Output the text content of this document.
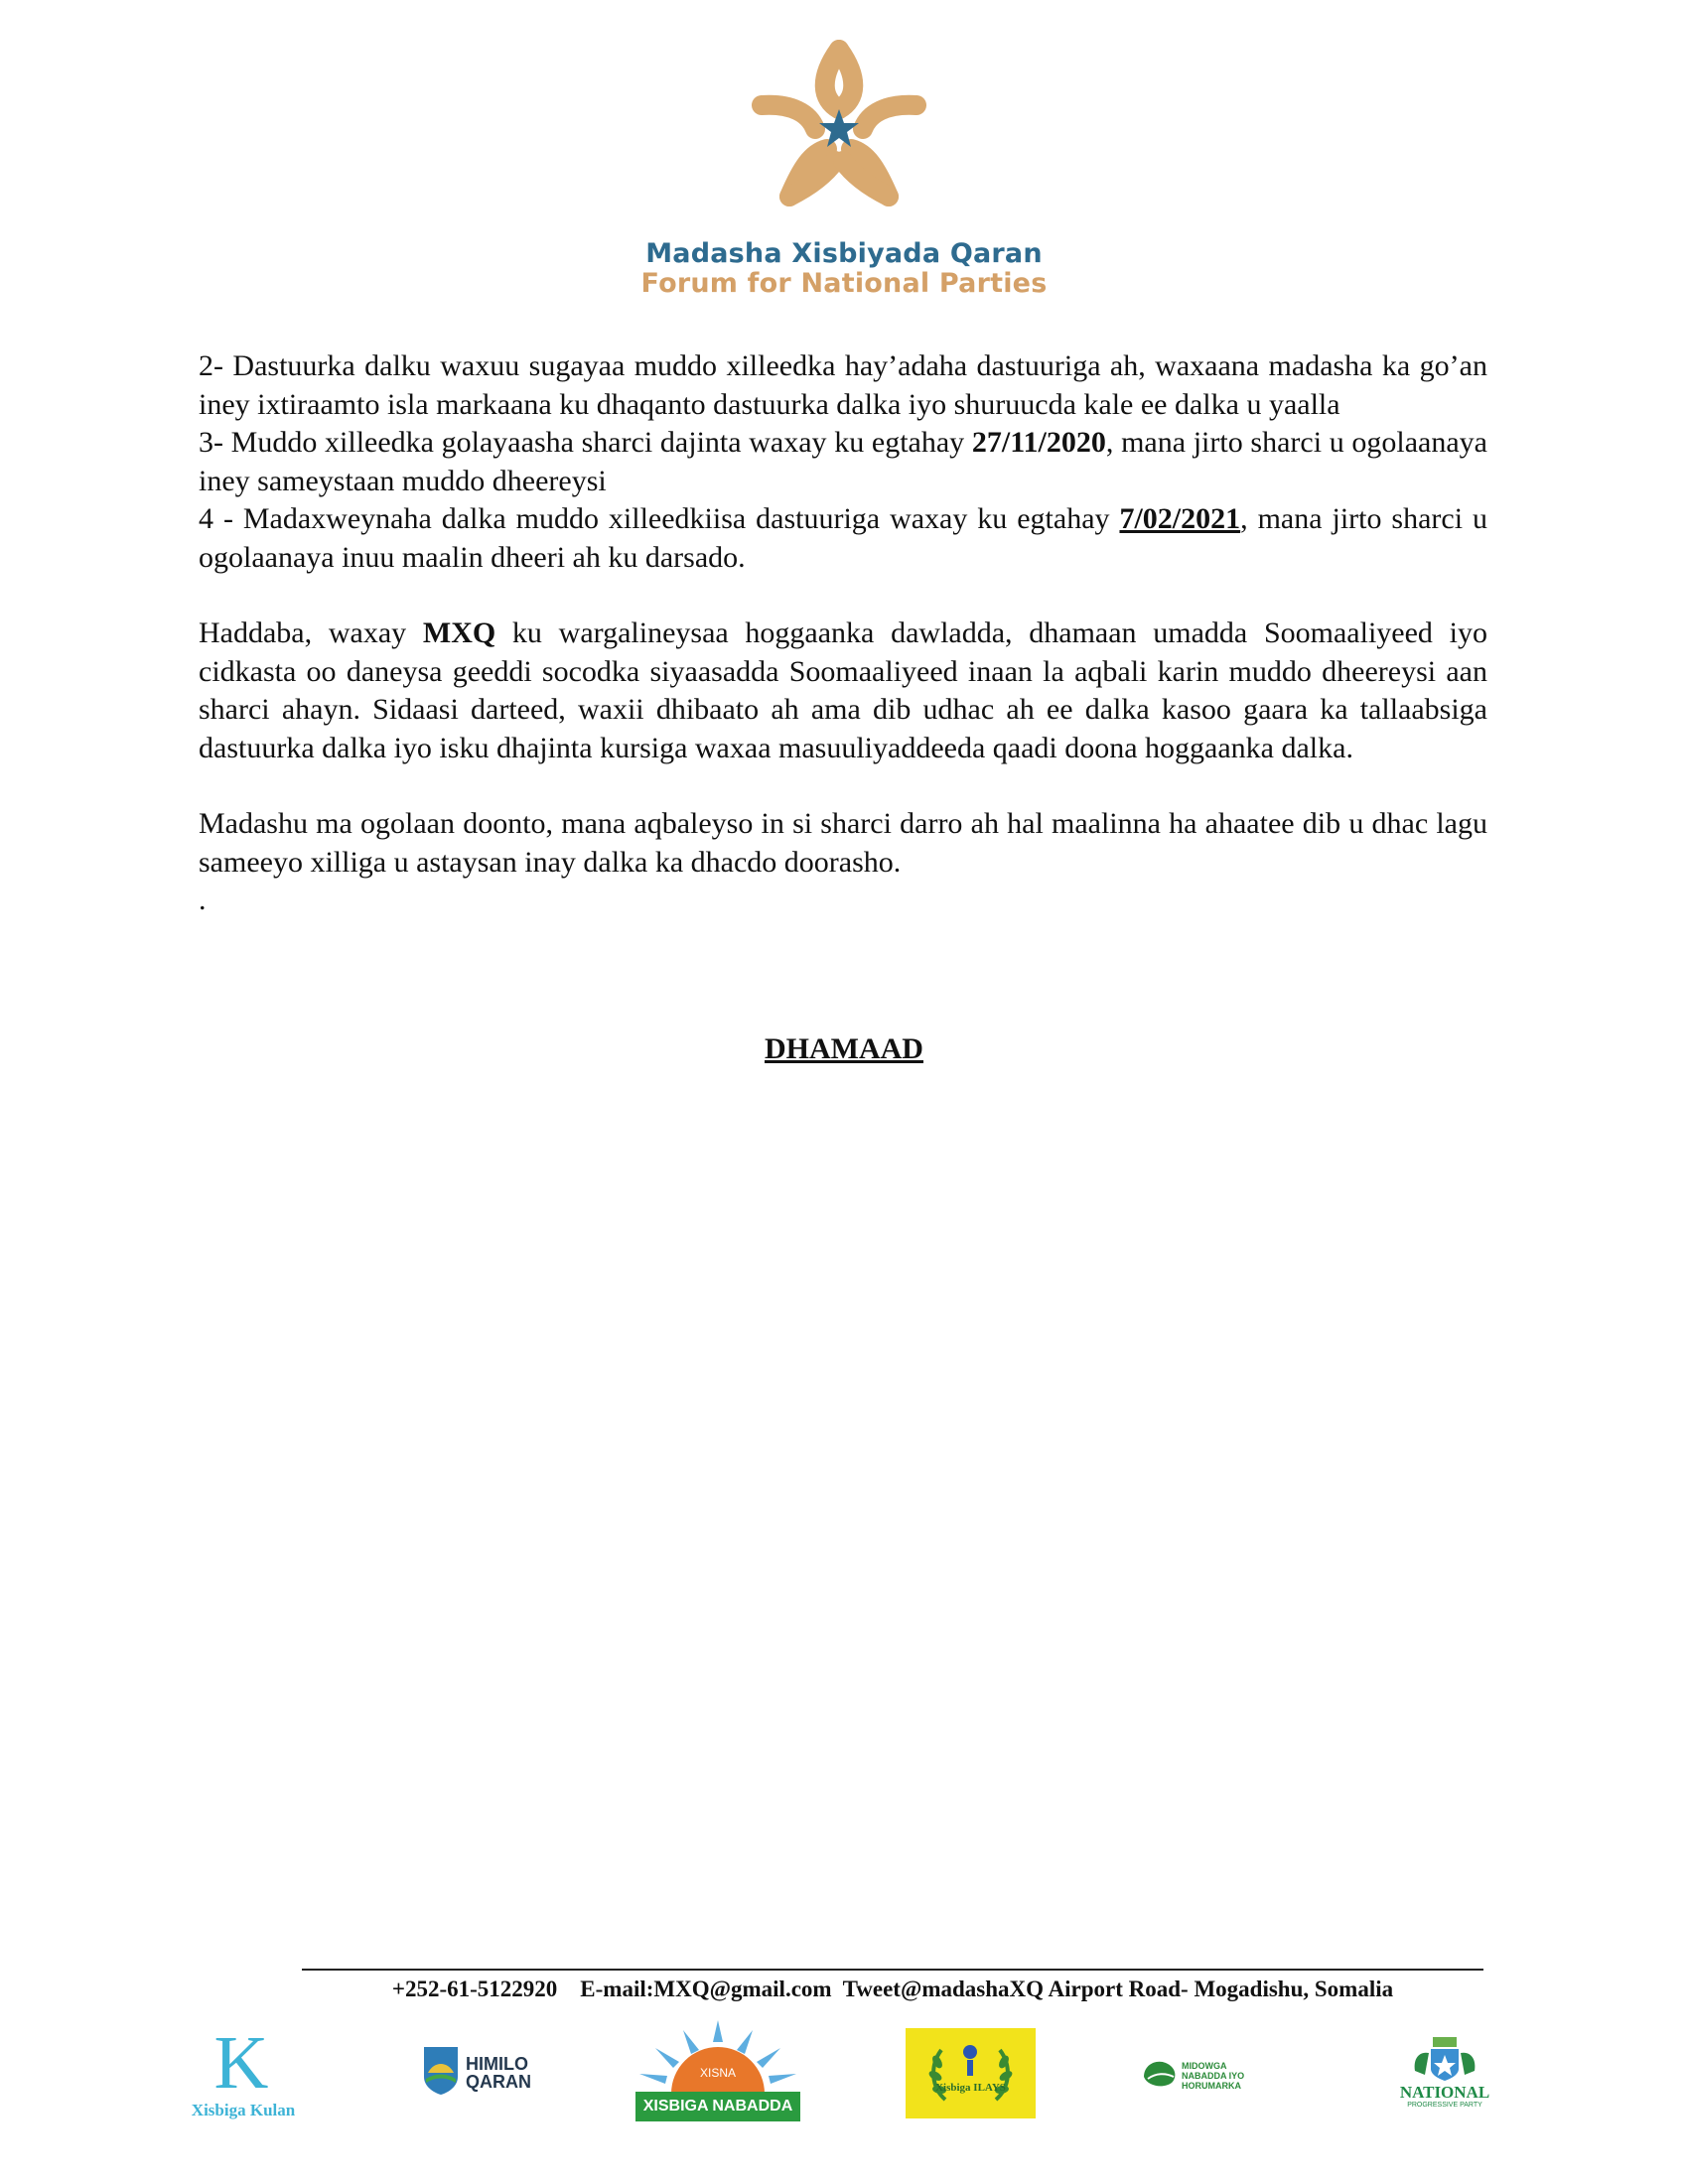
Madasha Xisbiyada Qaran
Forum for National Parties

2- Dastuurka dalku waxuu sugayaa muddo xilleedka hay’adaha dastuuriga ah, waxaana madasha ka go’an iney ixtiraamto isla markaana ku dhaqanto dastuurka dalka iyo shuruucda kale ee dalka u yaalla

3- Muddo xilleedka golayaasha sharci dajinta waxay ku egtahay 27/11/2020, mana jirto sharci u ogolaanaya iney sameystaan muddo dheereysi

4 - Madaxweynaha dalka muddo xilleedkiisa dastuuriga waxay ku egtahay 7/02/2021, mana jirto sharci u ogolaanaya inuu maalin dheeri ah ku darsado.

Haddaba, waxay MXQ ku wargalineysaa hoggaanka dawladda, dhamaan umadda Soomaaliyeed iyo cidkasta oo daneysa geeddi socodka siyaasadda Soomaaliyeed inaan la aqbali karin muddo dheereysi aan sharci ahayn. Sidaasi darteed, waxii dhibaato ah ama dib udhac ah ee dalka kasoo gaara ka tallaabsiga dastuurka dalka iyo isku dhajinta kursiga waxaa masuuliyaddeeda qaadi doona hoggaanka dalka.

Madashu ma ogolaan doonto, mana aqbaleyso in si sharci darro ah hal maalinna ha ahaatee dib u dhac lagu sameeyo xilliga u astaysan inay dalka ka dhacdo doorasho.

.

DHAMAAD
+252-61-5122920    E-mail:MXQ@gmail.com  Tweet@madashaXQ Airport Road- Mogadishu, Somalia
K
Xisbiga Kulan
HIMILO QARAN	XISNA
XISBIGA NABADDA
Xisbiga ILAYS
MIDOWGA NABADDA IYO HORUMARKA	NATIONAL
PROGRESSIVE PARTY
